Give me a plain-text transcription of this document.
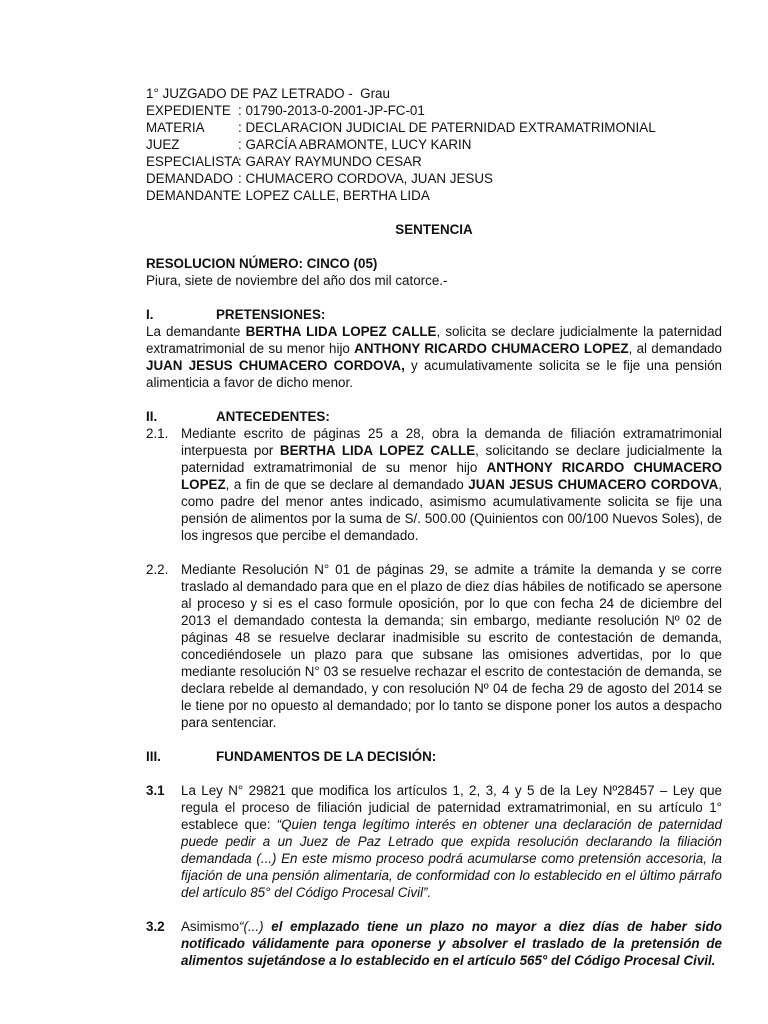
1° JUZGADO DE PAZ LETRADO -  Grau
EXPEDIENTE : 01790-2013-0-2001-JP-FC-01
MATERIA : DECLARACION JUDICIAL DE PATERNIDAD EXTRAMATRIMONIAL
JUEZ	: GARCÍA ABRAMONTE, LUCY KARIN
ESPECIALISTA: GARAY RAYMUNDO CESAR
DEMANDADO : CHUMACERO CORDOVA, JUAN JESUS
DEMANDANTE: LOPEZ CALLE, BERTHA LIDA
SENTENCIA
RESOLUCION NÚMERO: CINCO (05)
Piura, siete de noviembre del año dos mil catorce.-
I.	PRETENSIONES:

La demandante BERTHA LIDA LOPEZ CALLE, solicita se declare judicialmente la paternidad extramatrimonial de su menor hijo ANTHONY RICARDO CHUMACERO LOPEZ, al demandado JUAN JESUS CHUMACERO CORDOVA, y acumulativamente solicita se le fije una pensión alimenticia a favor de dicho menor.

II.	ANTECEDENTES:

2.1. Mediante escrito de páginas 25 a 28, obra la demanda de filiación extramatrimonial interpuesta por BERTHA LIDA LOPEZ CALLE, solicitando se declare judicialmente la paternidad extramatrimonial de su menor hijo ANTHONY RICARDO CHUMACERO LOPEZ, a fin de que se declare al demandado JUAN JESUS CHUMACERO CORDOVA, como padre del menor antes indicado, asimismo acumulativamente solicita se fije una pensión de alimentos por la suma de S/. 500.00 (Quinientos con 00/100 Nuevos Soles), de los ingresos que percibe el demandado.

2.2. Mediante Resolución N° 01 de páginas 29, se admite a trámite la demanda y se corre traslado al demandado para que en el plazo de diez días hábiles de notificado se apersone al proceso y si es el caso formule oposición, por lo que con fecha 24 de diciembre del 2013 el demandado contesta la demanda; sin embargo, mediante resolución Nº 02 de páginas 48 se resuelve declarar inadmisible su escrito de contestación de demanda, concediéndosele un plazo para que subsane las omisiones advertidas, por lo que mediante resolución N° 03 se resuelve rechazar el escrito de contestación de demanda, se declara rebelde al demandado, y con resolución Nº 04 de fecha 29 de agosto del 2014 se le tiene por no opuesto al demandado; por lo tanto se dispone poner los autos a despacho para sentenciar.

III.	FUNDAMENTOS DE LA DECISIÓN:

3.1 La Ley N° 29821 que modifica los artículos 1, 2, 3, 4 y 5 de la Ley Nº28457 – Ley que regula el proceso de filiación judicial de paternidad extramatrimonial, en su artículo 1° establece que: “Quien tenga legítimo interés en obtener una declaración de paternidad puede pedir a un Juez de Paz Letrado que expida resolución declarando la filiación demandada (...) En este mismo proceso podrá acumularse como pretensión accesoria, la fijación de una pensión alimentaria, de conformidad con lo establecido en el último párrafo del artículo 85° del Código Procesal Civil”.

3.2 Asimismo“(...) el emplazado tiene un plazo no mayor a diez días de haber sido notificado válidamente para oponerse y absolver el traslado de la pretensión de alimentos sujetándose a lo establecido en el artículo 565° del Código Procesal Civil.
